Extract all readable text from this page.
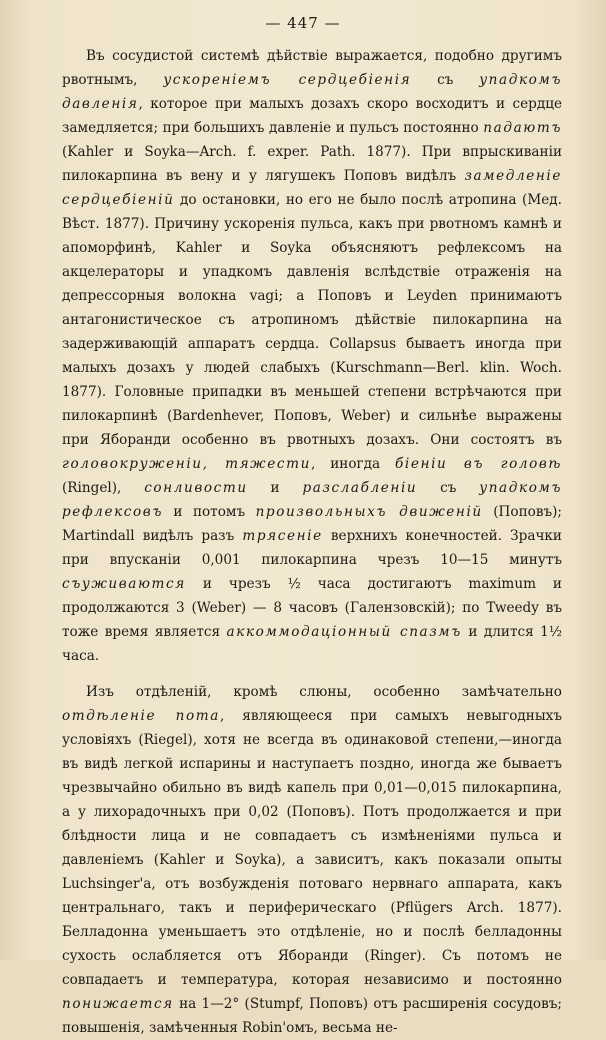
— 447 —

Въ сосудистой системѣ дѣйствіе выражается, подобно другимъ рвотнымъ, ускореніемъ сердцебіенія съ упадкомъ давленія, которое при малыхъ дозахъ скоро восходитъ и сердце замедляется; при большихъ давленіе и пульсъ постоянно падаютъ (Kahler и Soyka—Arch. f. exper. Path. 1877). При впрыскиваніи пилокарпина въ вену и у лягушекъ Поповъ видѣлъ замедленіе сердцебіеній до остановки, но его не было послѣ атропина (Мед. Вѣст. 1877). Причину ускоренія пульса, какъ при рвотномъ камнѣ и апоморфинѣ, Kahler и Soyka объясняютъ рефлексомъ на акцелераторы и упадкомъ давленія вслѣдствіе отраженія на депрессорныя волокна vagi; а Поповъ и Leyden принимаютъ антагонистическое съ атропиномъ дѣйствіе пилокарпина на задерживающій аппаратъ сердца. Collapsus бываетъ иногда при малыхъ дозахъ у людей слабыхъ (Kurschmann—Berl. klin. Woch. 1877). Головные припадки въ меньшей степени встрѣчаются при пилокарпинѣ (Bardenhever, Поповъ, Weber) и сильнѣе выражены при Яборанди особенно въ рвотныхъ дозахъ. Они состоятъ въ головокруженіи, тяжести, иногда біеніи въ головѣ (Ringel), сонливости и разслабленіи съ упадкомъ рефлексовъ и потомъ произвольныхъ движеній (Поповъ); Martindall видѣлъ разъ трясеніе верхнихъ конечностей. Зрачки при впусканіи 0,001 пилокарпина чрезъ 10—15 минутъ съуживаются и чрезъ ½ часа достигаютъ maximum и продолжаются 3 (Weber) — 8 часовъ (Галензовскій); по Tweedy въ тоже время является аккоммодаціонный спазмъ и длится 1½ часа.

Изъ отдѣленій, кромѣ слюны, особенно замѣчательно отдѣленіе пота, являющееся при самыхъ невыгодныхъ условіяхъ (Riegel), хотя не всегда въ одинаковой степени,—иногда въ видѣ легкой испарины и наступаетъ поздно, иногда же бываетъ чрезвычайно обильно въ видѣ капель при 0,01—0,015 пилокарпина, а у лихорадочныхъ при 0,02 (Поповъ). Потъ продолжается и при блѣдности лица и не совпадаетъ съ измѣненіями пульса и давленіемъ (Kahler и Soyka), а зависитъ, какъ показали опыты Luchsinger'а, отъ возбужденія потоваго нервнаго аппарата, какъ центральнаго, такъ и периферическаго (Pflügers Arch. 1877). Белладонна уменьшаетъ это отдѣленіе, но и послѣ белладонны сухость ослабляется отъ Яборанди (Ringer). Съ потомъ не совпадаетъ и температура, которая независимо и постоянно понижается на 1—2° (Stumpf, Поповъ) отъ расширенія сосудовъ; повышенія, замѣченныя Robin'омъ, весьма не-
